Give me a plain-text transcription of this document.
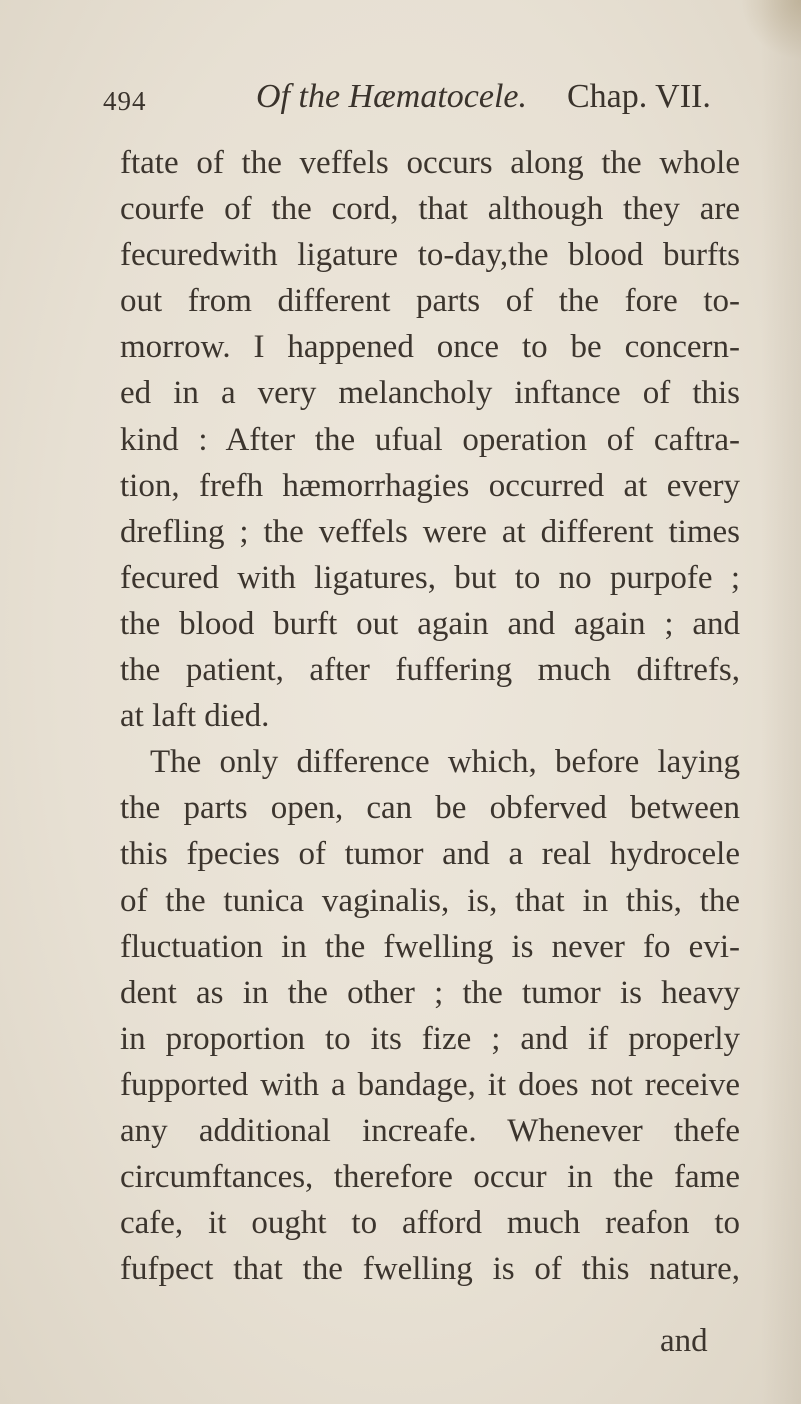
494	Of the Hæmatocele. Chap. VII.
ftate of the veffels occurs along the whole
courfe of the cord, that although they are
fecuredwith ligature to-day,the blood burfts
out from different parts of the fore to-
morrow. I happened once to be concern-
ed in a very melancholy inftance of this
kind : After the ufual operation of caftra-
tion, frefh hæmorrhagies occurred at every
drefling ; the veffels were at different times
fecured with ligatures, but to no purpofe ;
the blood burft out again and again ; and
the patient, after fuffering much diftrefs,
at laft died.
The only difference which, before laying
the parts open, can be obferved between
this fpecies of tumor and a real hydrocele
of the tunica vaginalis, is, that in this, the
fluctuation in the fwelling is never fo evi-
dent as in the other ; the tumor is heavy
in proportion to its fize ; and if properly
fupported with a bandage, it does not receive
any additional increafe. Whenever thefe
circumftances, therefore occur in the fame
cafe, it ought to afford much reafon to
fufpect that the fwelling is of this nature,
and
